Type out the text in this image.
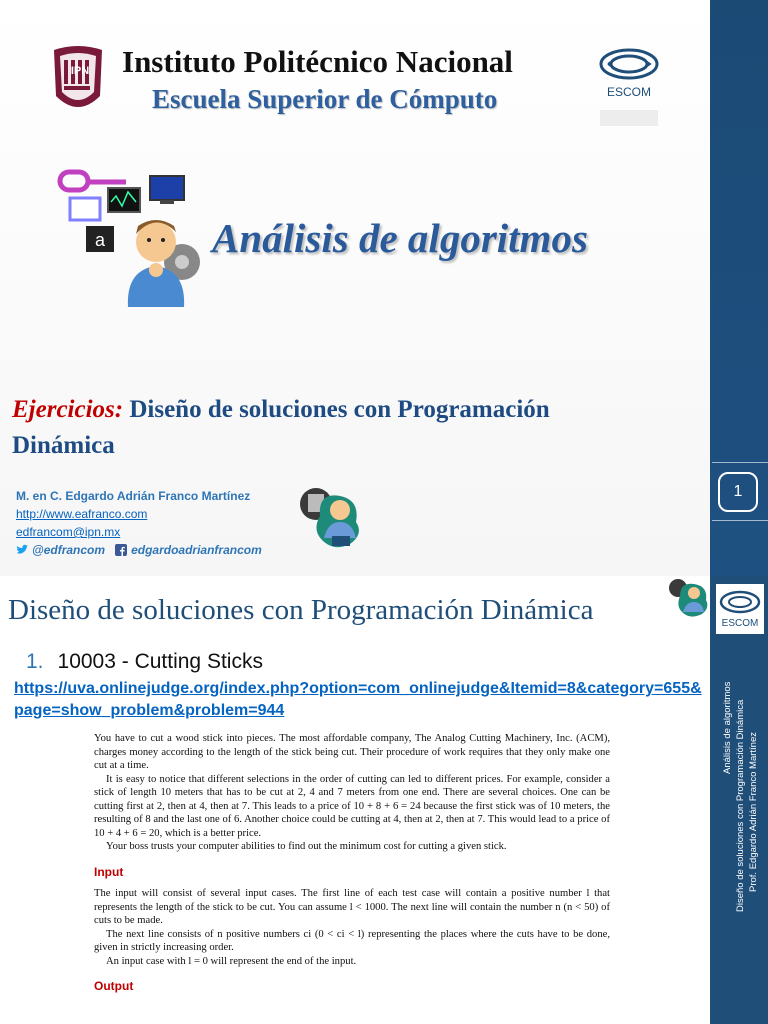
IPN Instituto Politécnico Nacional
Escuela Superior de Cómputo	ESCOM
a	Análisis de algoritmos
Ejercicios: Diseño de soluciones con Programación
Dinámica
M. en C. Edgardo Adrián Franco Martínez
http://www.eafranco.com
edfrancom@ipn.mx
@edfrancom edgardoadrianfrancom
1
Diseño de soluciones con Programación Dinámica	ESCOM
Análisis de algoritmos Diseño de soluciones con Programación Dinámica Prof. Edgardo Adrián Franco Martínez
1. 10003 - Cutting Sticks
https://uva.onlinejudge.org/index.php?option=com_onlinejudge&Itemid=8&category=655&page=show_problem&problem=944

You have to cut a wood stick into pieces. The most affordable company, The Analog Cutting Machinery, Inc. (ACM), charges money according to the length of the stick being cut. Their procedure of work requires that they only make one cut at a time.

It is easy to notice that different selections in the order of cutting can led to different prices. For example, consider a stick of length 10 meters that has to be cut at 2, 4 and 7 meters from one end. There are several choices. One can be cutting first at 2, then at 4, then at 7. This leads to a price of 10 + 8 + 6 = 24 because the first stick was of 10 meters, the resulting of 8 and the last one of 6. Another choice could be cutting at 4, then at 2, then at 7. This would lead to a price of 10 + 4 + 6 = 20, which is a better price.

Your boss trusts your computer abilities to find out the minimum cost for cutting a given stick.

Input

The input will consist of several input cases. The first line of each test case will contain a positive number l that represents the length of the stick to be cut. You can assume l < 1000. The next line will contain the number n (n < 50) of cuts to be made.

The next line consists of n positive numbers ci (0 < ci < l) representing the places where the cuts have to be done, given in strictly increasing order.

An input case with l = 0 will represent the end of the input.

Output
